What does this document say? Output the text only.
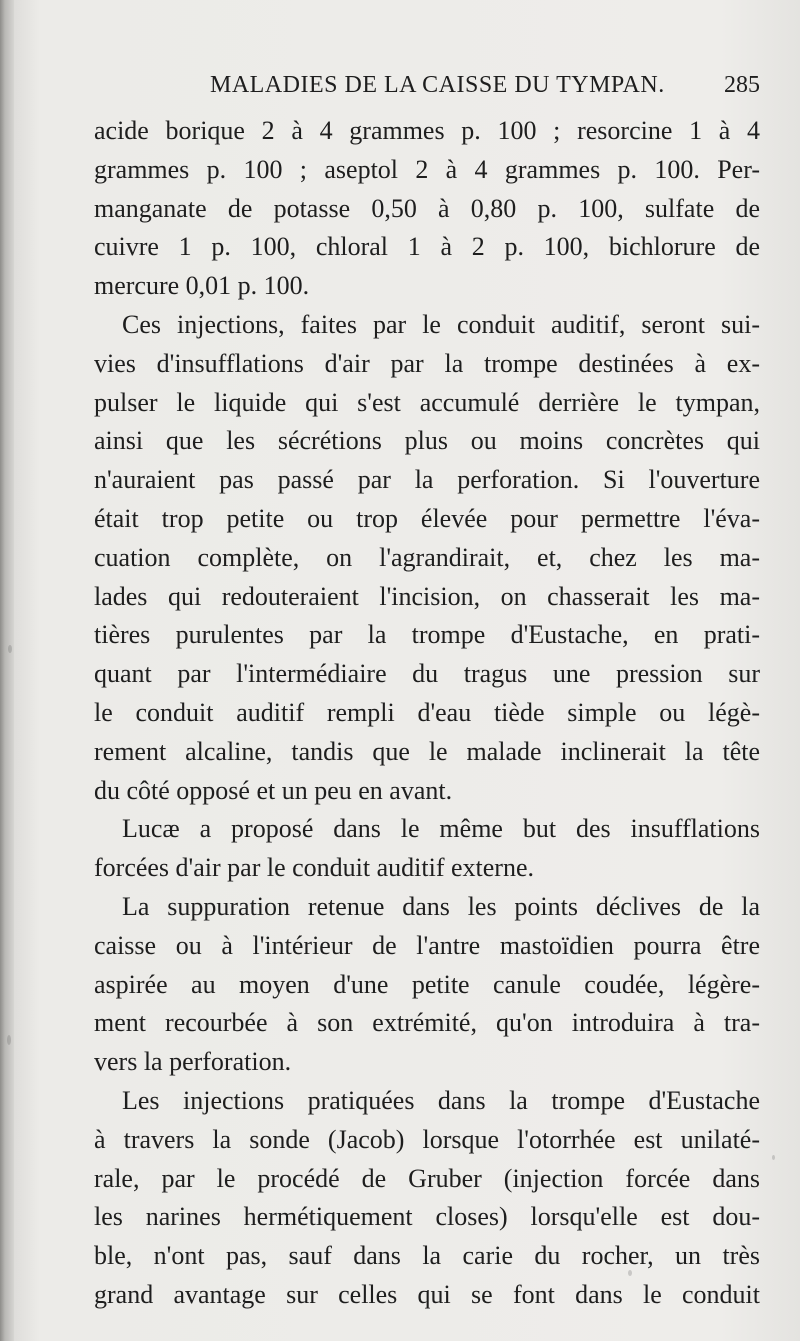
MALADIES DE LA CAISSE DU TYMPAN. 285
acide borique 2 à 4 grammes p. 100 ; resorcine 1 à 4
grammes p. 100 ; aseptol 2 à 4 grammes p. 100. Per-
manganate de potasse 0,50 à 0,80 p. 100, sulfate de
cuivre 1 p. 100, chloral 1 à 2 p. 100, bichlorure de
mercure 0,01 p. 100.
Ces injections, faites par le conduit auditif, seront sui-
vies d'insufflations d'air par la trompe destinées à ex-
pulser le liquide qui s'est accumulé derrière le tympan,
ainsi que les sécrétions plus ou moins concrètes qui
n'auraient pas passé par la perforation. Si l'ouverture
était trop petite ou trop élevée pour permettre l'éva-
cuation complète, on l'agrandirait, et, chez les ma-
lades qui redouteraient l'incision, on chasserait les ma-
tières purulentes par la trompe d'Eustache, en prati-
quant par l'intermédiaire du tragus une pression sur
le conduit auditif rempli d'eau tiède simple ou légè-
rement alcaline, tandis que le malade inclinerait la tête
du côté opposé et un peu en avant.
Lucæ a proposé dans le même but des insufflations
forcées d'air par le conduit auditif externe.
La suppuration retenue dans les points déclives de la
caisse ou à l'intérieur de l'antre mastoïdien pourra être
aspirée au moyen d'une petite canule coudée, légère-
ment recourbée à son extrémité, qu'on introduira à tra-
vers la perforation.
Les injections pratiquées dans la trompe d'Eustache
à travers la sonde (Jacob) lorsque l'otorrhée est unilaté-
rale, par le procédé de Gruber (injection forcée dans
les narines hermétiquement closes) lorsqu'elle est dou-
ble, n'ont pas, sauf dans la carie du rocher, un très
grand avantage sur celles qui se font dans le conduit
